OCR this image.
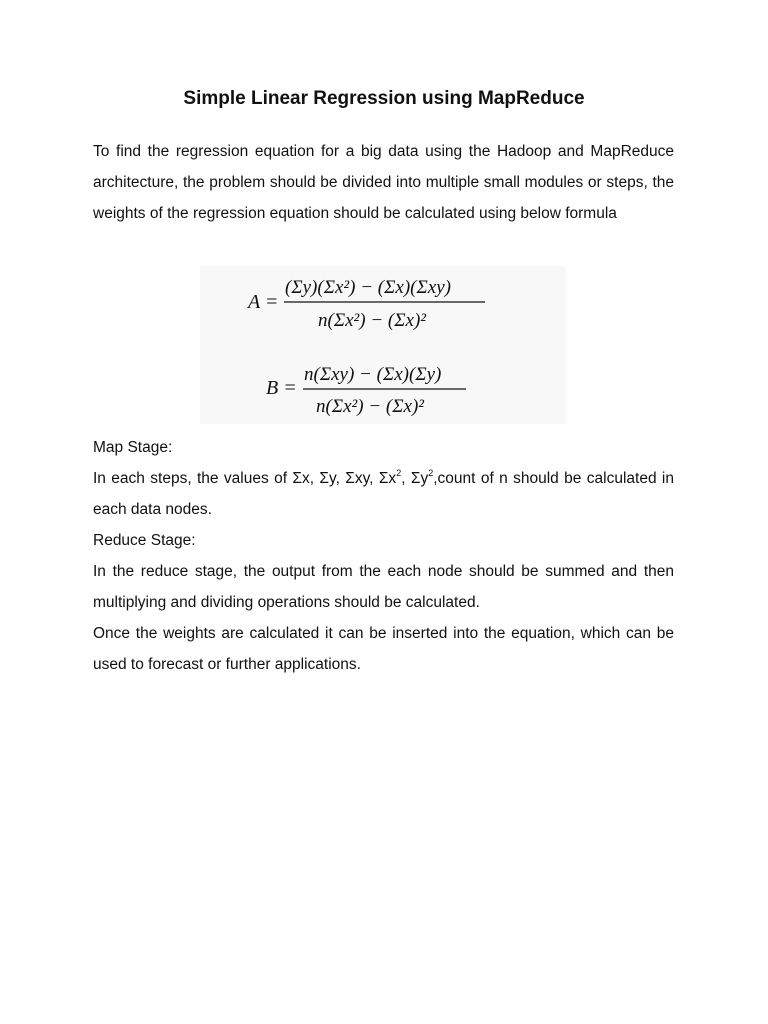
Simple Linear Regression using MapReduce
To find the regression equation for a big data using the Hadoop and MapReduce architecture, the problem should be divided into multiple small modules or steps, the weights of the regression equation should be calculated using below formula
A =
(Σy)(Σx²) − (Σx)(Σxy)
n(Σx²) − (Σx)²
B =
n(Σxy) − (Σx)(Σy)
n(Σx²) − (Σx)²
Map Stage:
In each steps, the values of Σx, Σy, Σxy, $\Sigma x^2$, $\Sigma y^2,count$ of n should be calculated in each data nodes.
Reduce Stage:
In the reduce stage, the output from the each node should be summed and then multiplying and dividing operations should be calculated.
Once the weights are calculated it can be inserted into the equation, which can be used to forecast or further applications.
